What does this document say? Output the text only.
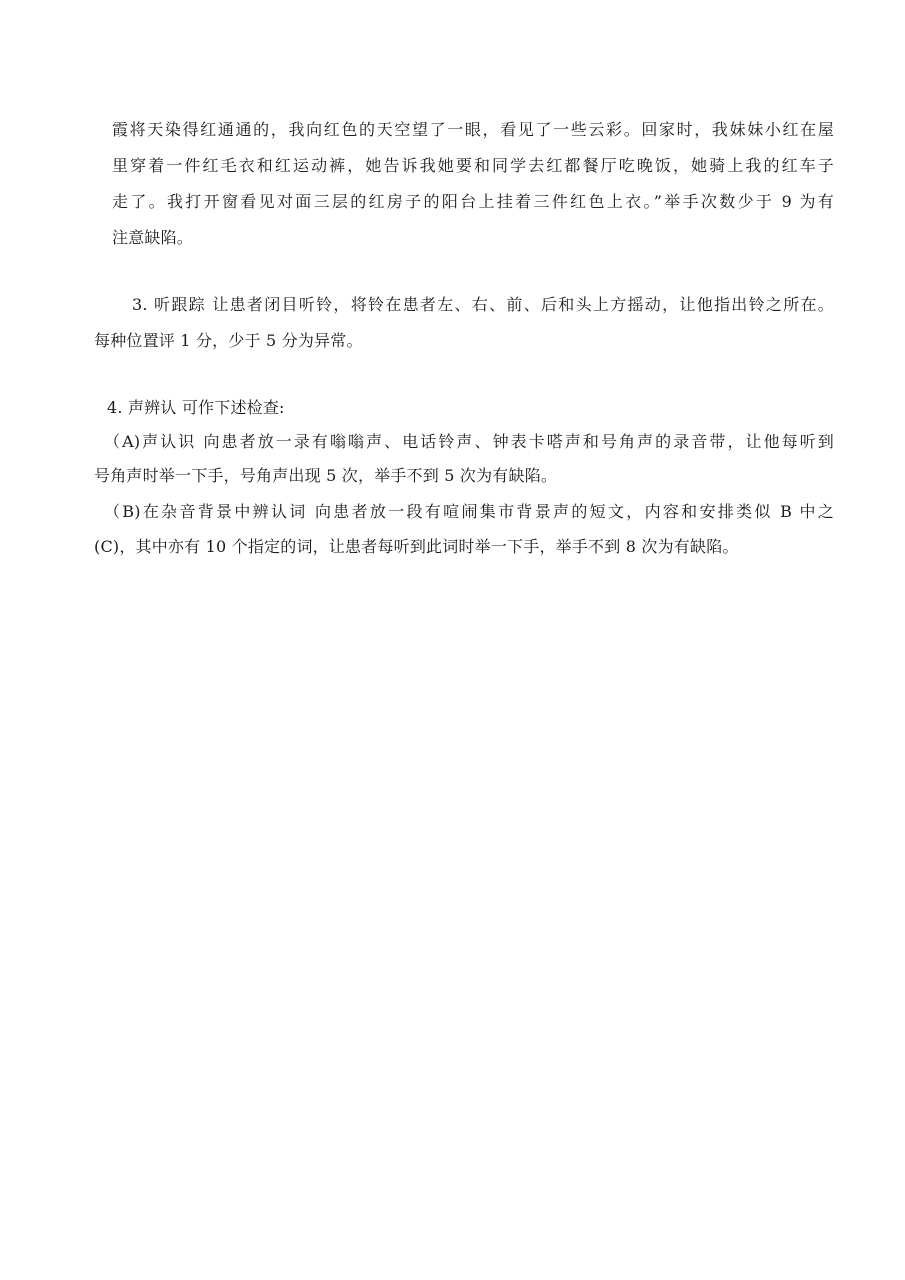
霞将天染得红通通的，我向红色的天空望了一眼，看见了一些云彩。回家时，我妹妹小红在屋
里穿着一件红毛衣和红运动裤，她告诉我她要和同学去红都餐厅吃晚饭，她骑上我的红车子
走了。我打开窗看见对面三层的红房子的阳台上挂着三件红色上衣。”举手次数少于 9 为有
注意缺陷。
3. 听跟踪 让患者闭目听铃，将铃在患者左、右、前、后和头上方摇动，让他指出铃之所在。
每种位置评 1 分，少于 5 分为异常。
4. 声辨认 可作下述检查:
（A)声认识 向患者放一录有嗡嗡声、电话铃声、钟表卡嗒声和号角声的录音带，让他每听到
号角声时举一下手，号角声出现 5 次，举手不到 5 次为有缺陷。
（B)在杂音背景中辨认词 向患者放一段有喧闹集市背景声的短文，内容和安排类似 B 中之
(C)，其中亦有 10 个指定的词，让患者每听到此词时举一下手，举手不到 8 次为有缺陷。
